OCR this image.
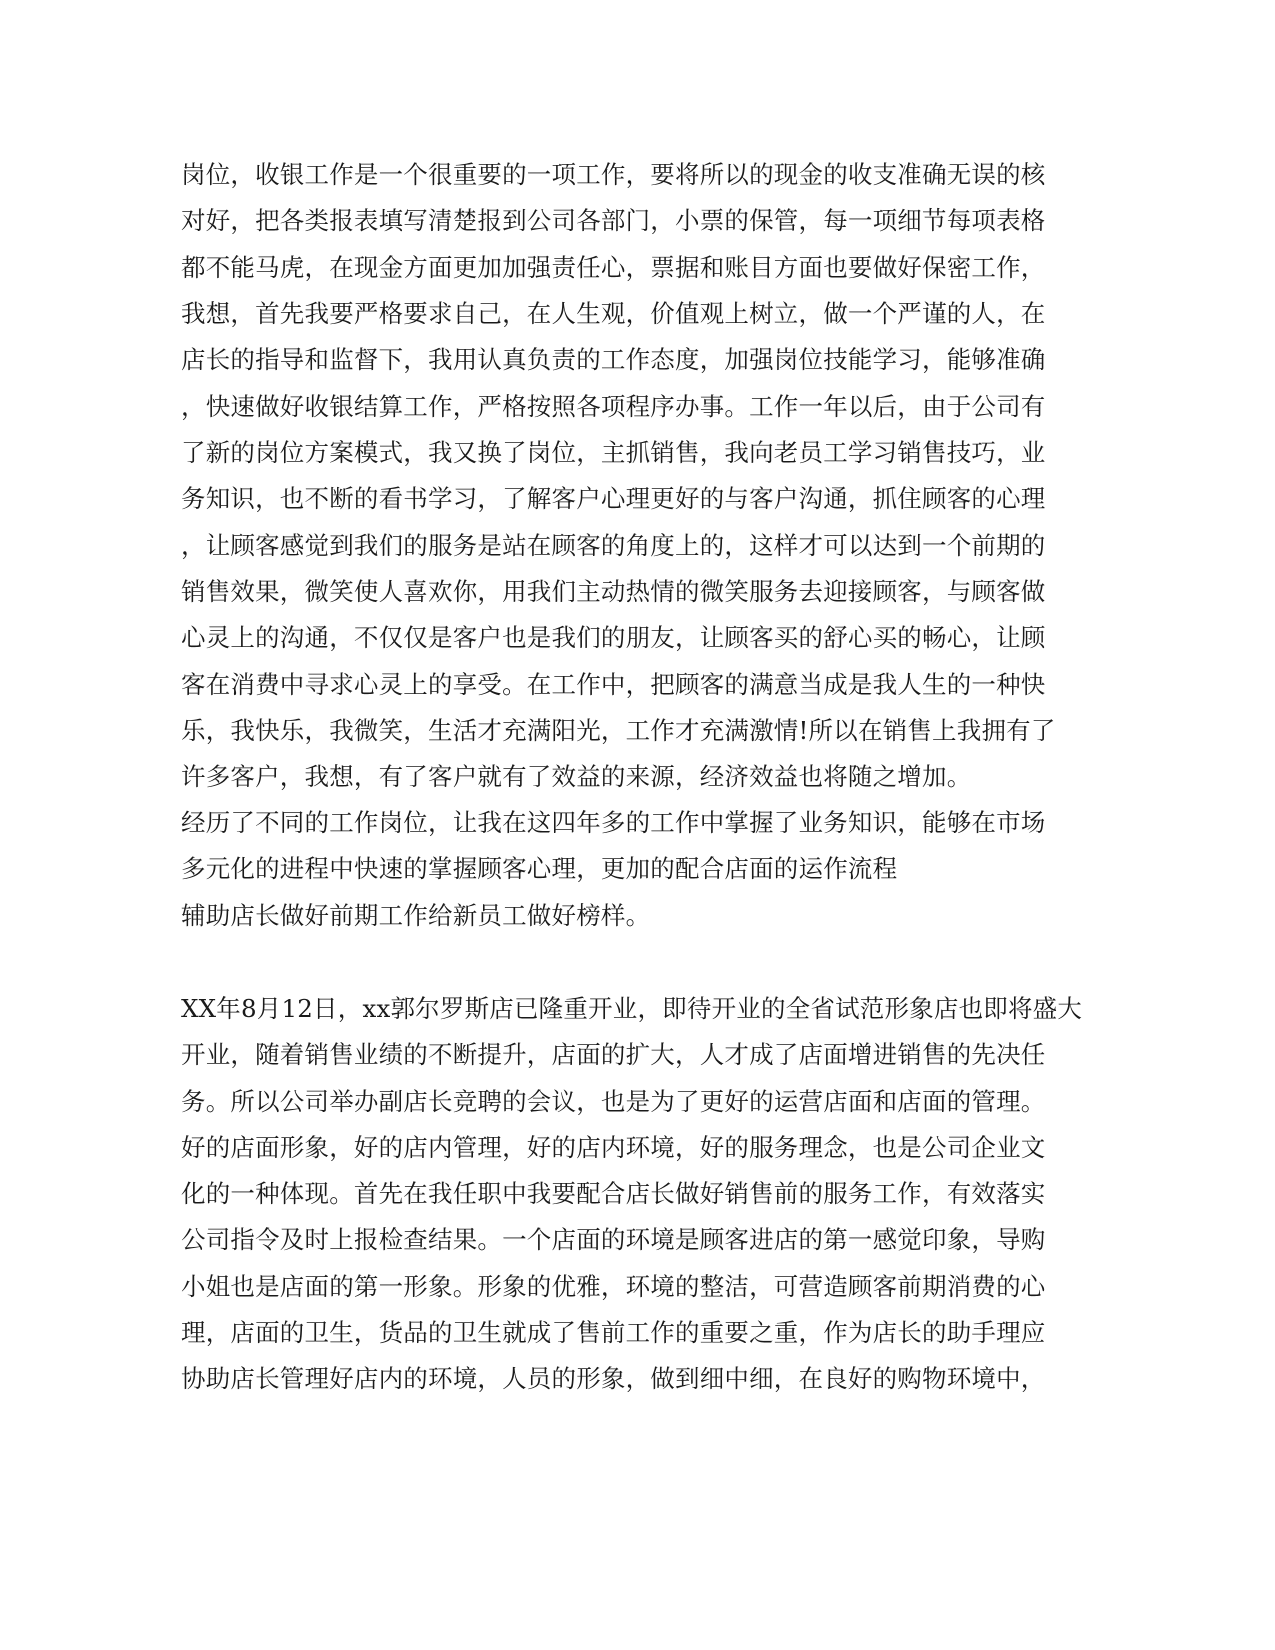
岗位，收银工作是一个很重要的一项工作，要将所以的现金的收支准确无误的核
对好，把各类报表填写清楚报到公司各部门，小票的保管，每一项细节每项表格
都不能马虎，在现金方面更加加强责任心，票据和账目方面也要做好保密工作，
我想，首先我要严格要求自己，在人生观，价值观上树立，做一个严谨的人，在
店长的指导和监督下，我用认真负责的工作态度，加强岗位技能学习，能够准确
，快速做好收银结算工作，严格按照各项程序办事。工作一年以后，由于公司有
了新的岗位方案模式，我又换了岗位，主抓销售，我向老员工学习销售技巧，业
务知识，也不断的看书学习，了解客户心理更好的与客户沟通，抓住顾客的心理
，让顾客感觉到我们的服务是站在顾客的角度上的，这样才可以达到一个前期的
销售效果，微笑使人喜欢你，用我们主动热情的微笑服务去迎接顾客，与顾客做
心灵上的沟通，不仅仅是客户也是我们的朋友，让顾客买的舒心买的畅心，让顾
客在消费中寻求心灵上的享受。在工作中，把顾客的满意当成是我人生的一种快
乐，我快乐，我微笑，生活才充满阳光，工作才充满激情!所以在销售上我拥有了
许多客户，我想，有了客户就有了效益的来源，经济效益也将随之增加。
经历了不同的工作岗位，让我在这四年多的工作中掌握了业务知识，能够在市场
多元化的进程中快速的掌握顾客心理，更加的配合店面的运作流程
辅助店长做好前期工作给新员工做好榜样。
XX年8月12日，xx郭尔罗斯店已隆重开业，即待开业的全省试范形象店也即将盛大
开业，随着销售业绩的不断提升，店面的扩大，人才成了店面增进销售的先决任
务。所以公司举办副店长竞聘的会议，也是为了更好的运营店面和店面的管理。
好的店面形象，好的店内管理，好的店内环境，好的服务理念，也是公司企业文
化的一种体现。首先在我任职中我要配合店长做好销售前的服务工作，有效落实
公司指令及时上报检查结果。一个店面的环境是顾客进店的第一感觉印象，导购
小姐也是店面的第一形象。形象的优雅，环境的整洁，可营造顾客前期消费的心
理，店面的卫生，货品的卫生就成了售前工作的重要之重，作为店长的助手理应
协助店长管理好店内的环境，人员的形象，做到细中细，在良好的购物环境中，
